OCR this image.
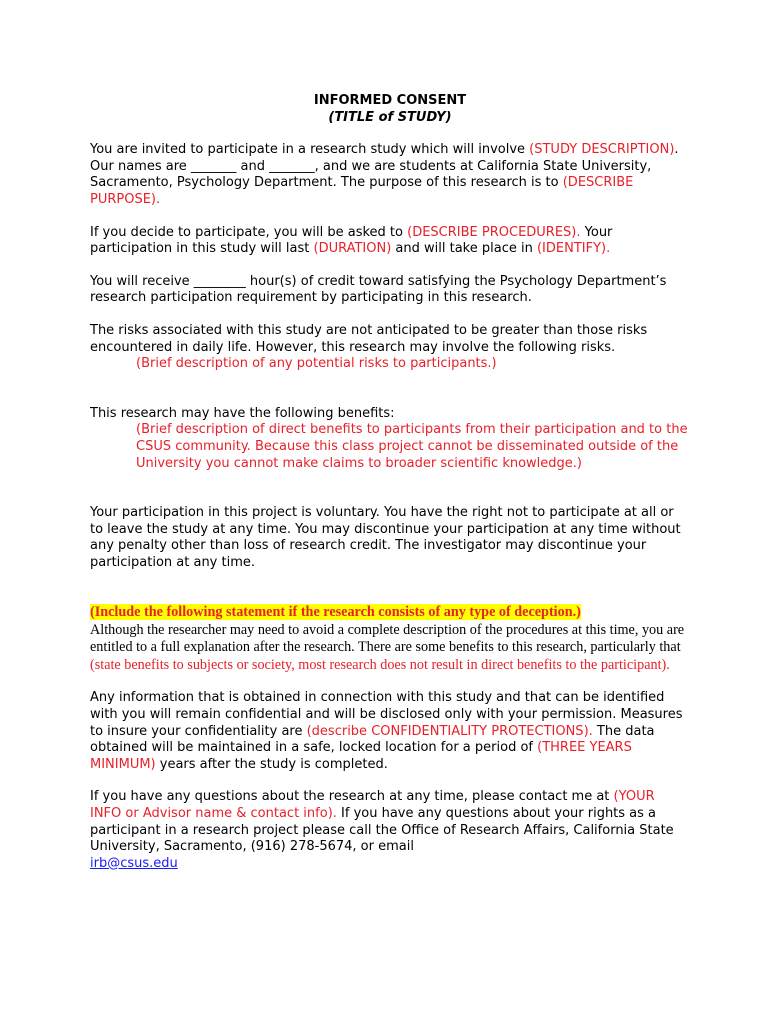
INFORMED CONSENT
(TITLE of STUDY)

You are invited to participate in a research study which will involve (STUDY DESCRIPTION). Our names are _______ and _______, and we are students at California State University, Sacramento, Psychology Department. The purpose of this research is to (DESCRIBE PURPOSE).

If you decide to participate, you will be asked to (DESCRIBE PROCEDURES). Your participation in this study will last (DURATION) and will take place in (IDENTIFY).

You will receive ________ hour(s) of credit toward satisfying the Psychology Department’s research participation requirement by participating in this research.

The risks associated with this study are not anticipated to be greater than those risks encountered in daily life. However, this research may involve the following risks.
(Brief description of any potential risks to participants.)

This research may have the following benefits:
(Brief description of direct benefits to participants from their participation and to the CSUS community. Because this class project cannot be disseminated outside of the University you cannot make claims to broader scientific knowledge.)

Your participation in this project is voluntary. You have the right not to participate at all or to leave the study at any time. You may discontinue your participation at any time without any penalty other than loss of research credit. The investigator may discontinue your participation at any time.

(Include the following statement if the research consists of any type of deception.)
Although the researcher may need to avoid a complete description of the procedures at this time, you are entitled to a full explanation after the research. There are some benefits to this research, particularly that (state benefits to subjects or society, most research does not result in direct benefits to the participant).

Any information that is obtained in connection with this study and that can be identified with you will remain confidential and will be disclosed only with your permission. Measures to insure your confidentiality are (describe CONFIDENTIALITY PROTECTIONS). The data obtained will be maintained in a safe, locked location for a period of (THREE YEARS MINIMUM) years after the study is completed.

If you have any questions about the research at any time, please contact me at (YOUR INFO or Advisor name & contact info). If you have any questions about your rights as a participant in a research project please call the Office of Research Affairs, California State University, Sacramento, (916) 278-5674, or email
irb@csus.edu
